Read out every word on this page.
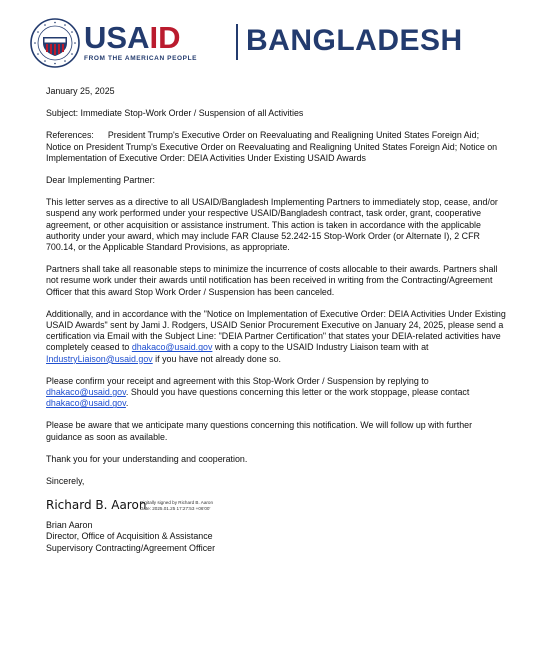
USAID
FROM THE AMERICAN PEOPLE
BANGLADESH

January 25, 2025

Subject: Immediate Stop-Work Order / Suspension of all Activities

References: President Trump's Executive Order on Reevaluating and Realigning United States Foreign Aid; Notice on President Trump's Executive Order on Reevaluating and Realigning United States Foreign Aid; Notice on Implementation of Executive Order: DEIA Activities Under Existing USAID Awards

Dear Implementing Partner:

This letter serves as a directive to all USAID/Bangladesh Implementing Partners to immediately stop, cease, and/or suspend any work performed under your respective USAID/Bangladesh contract, task order, grant, cooperative agreement, or other acquisition or assistance instrument. This action is taken in accordance with the applicable authority under your award, which may include FAR Clause 52.242-15 Stop-Work Order (or Alternate I), 2 CFR 700.14, or the Applicable Standard Provisions, as appropriate.

Partners shall take all reasonable steps to minimize the incurrence of costs allocable to their awards. Partners shall not resume work under their awards until notification has been received in writing from the Contracting/Agreement Officer that this award Stop Work Order / Suspension has been canceled.

Additionally, and in accordance with the "Notice on Implementation of Executive Order: DEIA Activities Under Existing USAID Awards" sent by Jami J. Rodgers, USAID Senior Procurement Executive on January 24, 2025, please send a certification via Email with the Subject Line: "DEIA Partner Certification" that states your DEIA-related activities have completely ceased to dhakaco@usaid.gov with a copy to the USAID Industry Liaison team with at IndustryLiaison@usaid.gov if you have not already done so.

Please confirm your receipt and agreement with this Stop-Work Order / Suspension by replying to dhakaco@usaid.gov. Should you have questions concerning this letter or the work stoppage, please contact dhakaco@usaid.gov.

Please be aware that we anticipate many questions concerning this notification. We will follow up with further guidance as soon as available.

Thank you for your understanding and cooperation.

Sincerely,

Richard B. Aaron
Digitally signed by Richard B. Aaron
Date: 2025.01.25 17:27:53 +06'00'

Brian Aaron

Director, Office of Acquisition & Assistance

Supervisory Contracting/Agreement Officer
